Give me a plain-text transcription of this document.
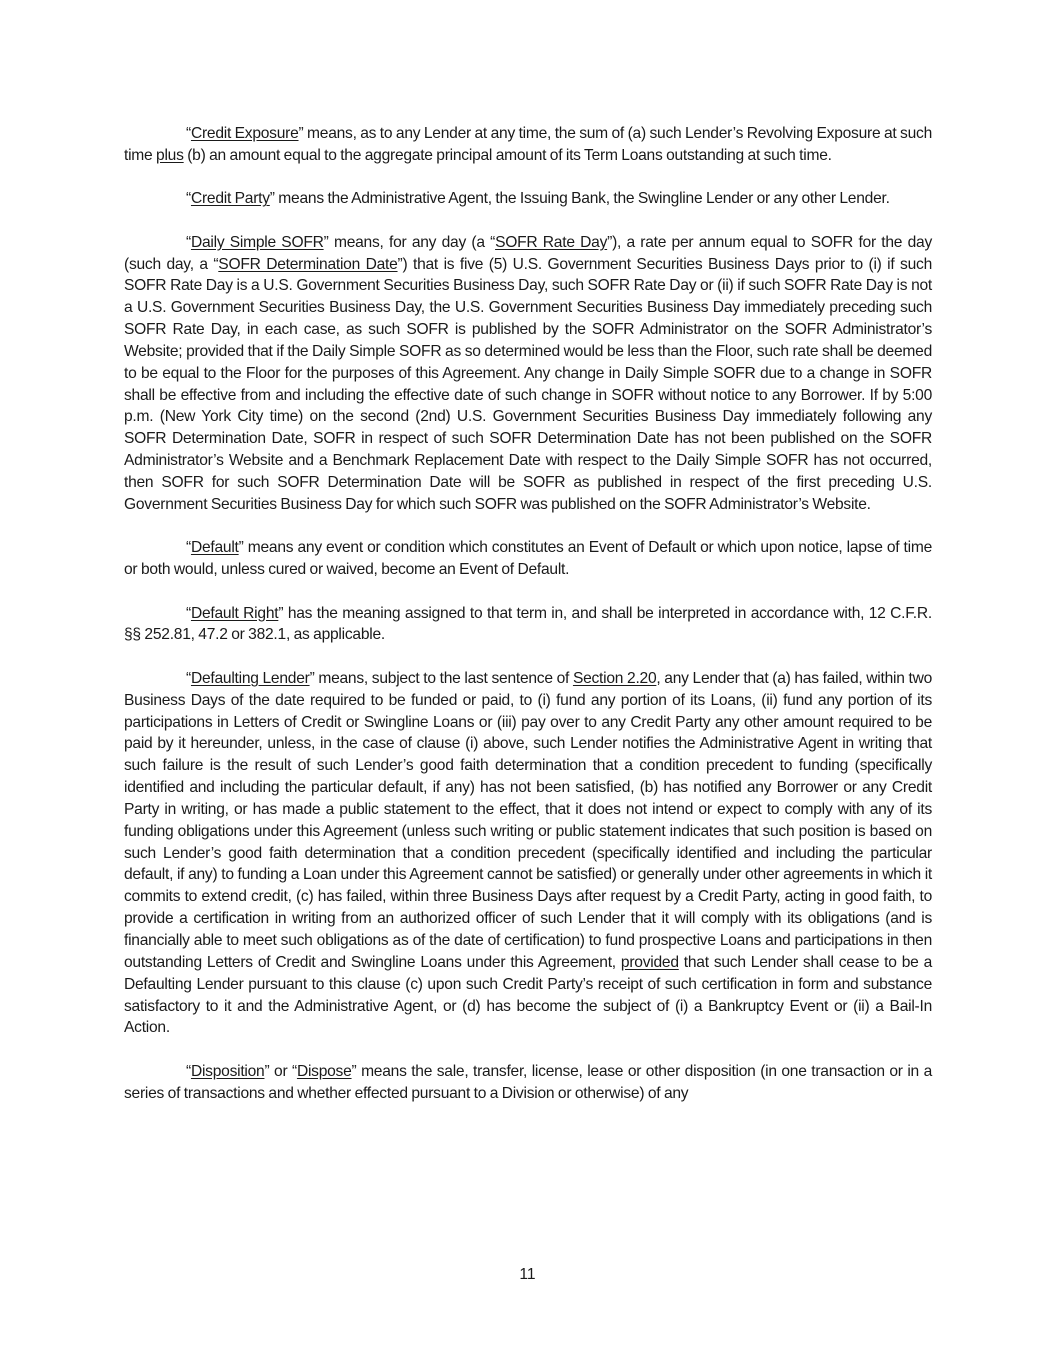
“Credit Exposure” means, as to any Lender at any time, the sum of (a) such Lender’s Revolving Exposure at such time plus (b) an amount equal to the aggregate principal amount of its Term Loans outstanding at such time.

“Credit Party” means the Administrative Agent, the Issuing Bank, the Swingline Lender or any other Lender.

“Daily Simple SOFR” means, for any day (a “SOFR Rate Day”), a rate per annum equal to SOFR for the day (such day, a “SOFR Determination Date”) that is five (5) U.S. Government Securities Business Days prior to (i) if such SOFR Rate Day is a U.S. Government Securities Business Day, such SOFR Rate Day or (ii) if such SOFR Rate Day is not a U.S. Government Securities Business Day, the U.S. Government Securities Business Day immediately preceding such SOFR Rate Day, in each case, as such SOFR is published by the SOFR Administrator on the SOFR Administrator’s Website; provided that if the Daily Simple SOFR as so determined would be less than the Floor, such rate shall be deemed to be equal to the Floor for the purposes of this Agreement. Any change in Daily Simple SOFR due to a change in SOFR shall be effective from and including the effective date of such change in SOFR without notice to any Borrower. If by 5:00 p.m. (New York City time) on the second (2nd) U.S. Government Securities Business Day immediately following any SOFR Determination Date, SOFR in respect of such SOFR Determination Date has not been published on the SOFR Administrator’s Website and a Benchmark Replacement Date with respect to the Daily Simple SOFR has not occurred, then SOFR for such SOFR Determination Date will be SOFR as published in respect of the first preceding U.S. Government Securities Business Day for which such SOFR was published on the SOFR Administrator’s Website.

“Default” means any event or condition which constitutes an Event of Default or which upon notice, lapse of time or both would, unless cured or waived, become an Event of Default.

“Default Right” has the meaning assigned to that term in, and shall be interpreted in accordance with, 12 C.F.R. §§ 252.81, 47.2 or 382.1, as applicable.

“Defaulting Lender” means, subject to the last sentence of Section 2.20, any Lender that (a) has failed, within two Business Days of the date required to be funded or paid, to (i) fund any portion of its Loans, (ii) fund any portion of its participations in Letters of Credit or Swingline Loans or (iii) pay over to any Credit Party any other amount required to be paid by it hereunder, unless, in the case of clause (i) above, such Lender notifies the Administrative Agent in writing that such failure is the result of such Lender’s good faith determination that a condition precedent to funding (specifically identified and including the particular default, if any) has not been satisfied, (b) has notified any Borrower or any Credit Party in writing, or has made a public statement to the effect, that it does not intend or expect to comply with any of its funding obligations under this Agreement (unless such writing or public statement indicates that such position is based on such Lender’s good faith determination that a condition precedent (specifically identified and including the particular default, if any) to funding a Loan under this Agreement cannot be satisfied) or generally under other agreements in which it commits to extend credit, (c) has failed, within three Business Days after request by a Credit Party, acting in good faith, to provide a certification in writing from an authorized officer of such Lender that it will comply with its obligations (and is financially able to meet such obligations as of the date of certification) to fund prospective Loans and participations in then outstanding Letters of Credit and Swingline Loans under this Agreement, provided that such Lender shall cease to be a Defaulting Lender pursuant to this clause (c) upon such Credit Party’s receipt of such certification in form and substance satisfactory to it and the Administrative Agent, or (d) has become the subject of (i) a Bankruptcy Event or (ii) a Bail-In Action.

“Disposition” or “Dispose” means the sale, transfer, license, lease or other disposition (in one transaction or in a series of transactions and whether effected pursuant to a Division or otherwise) of any

11
